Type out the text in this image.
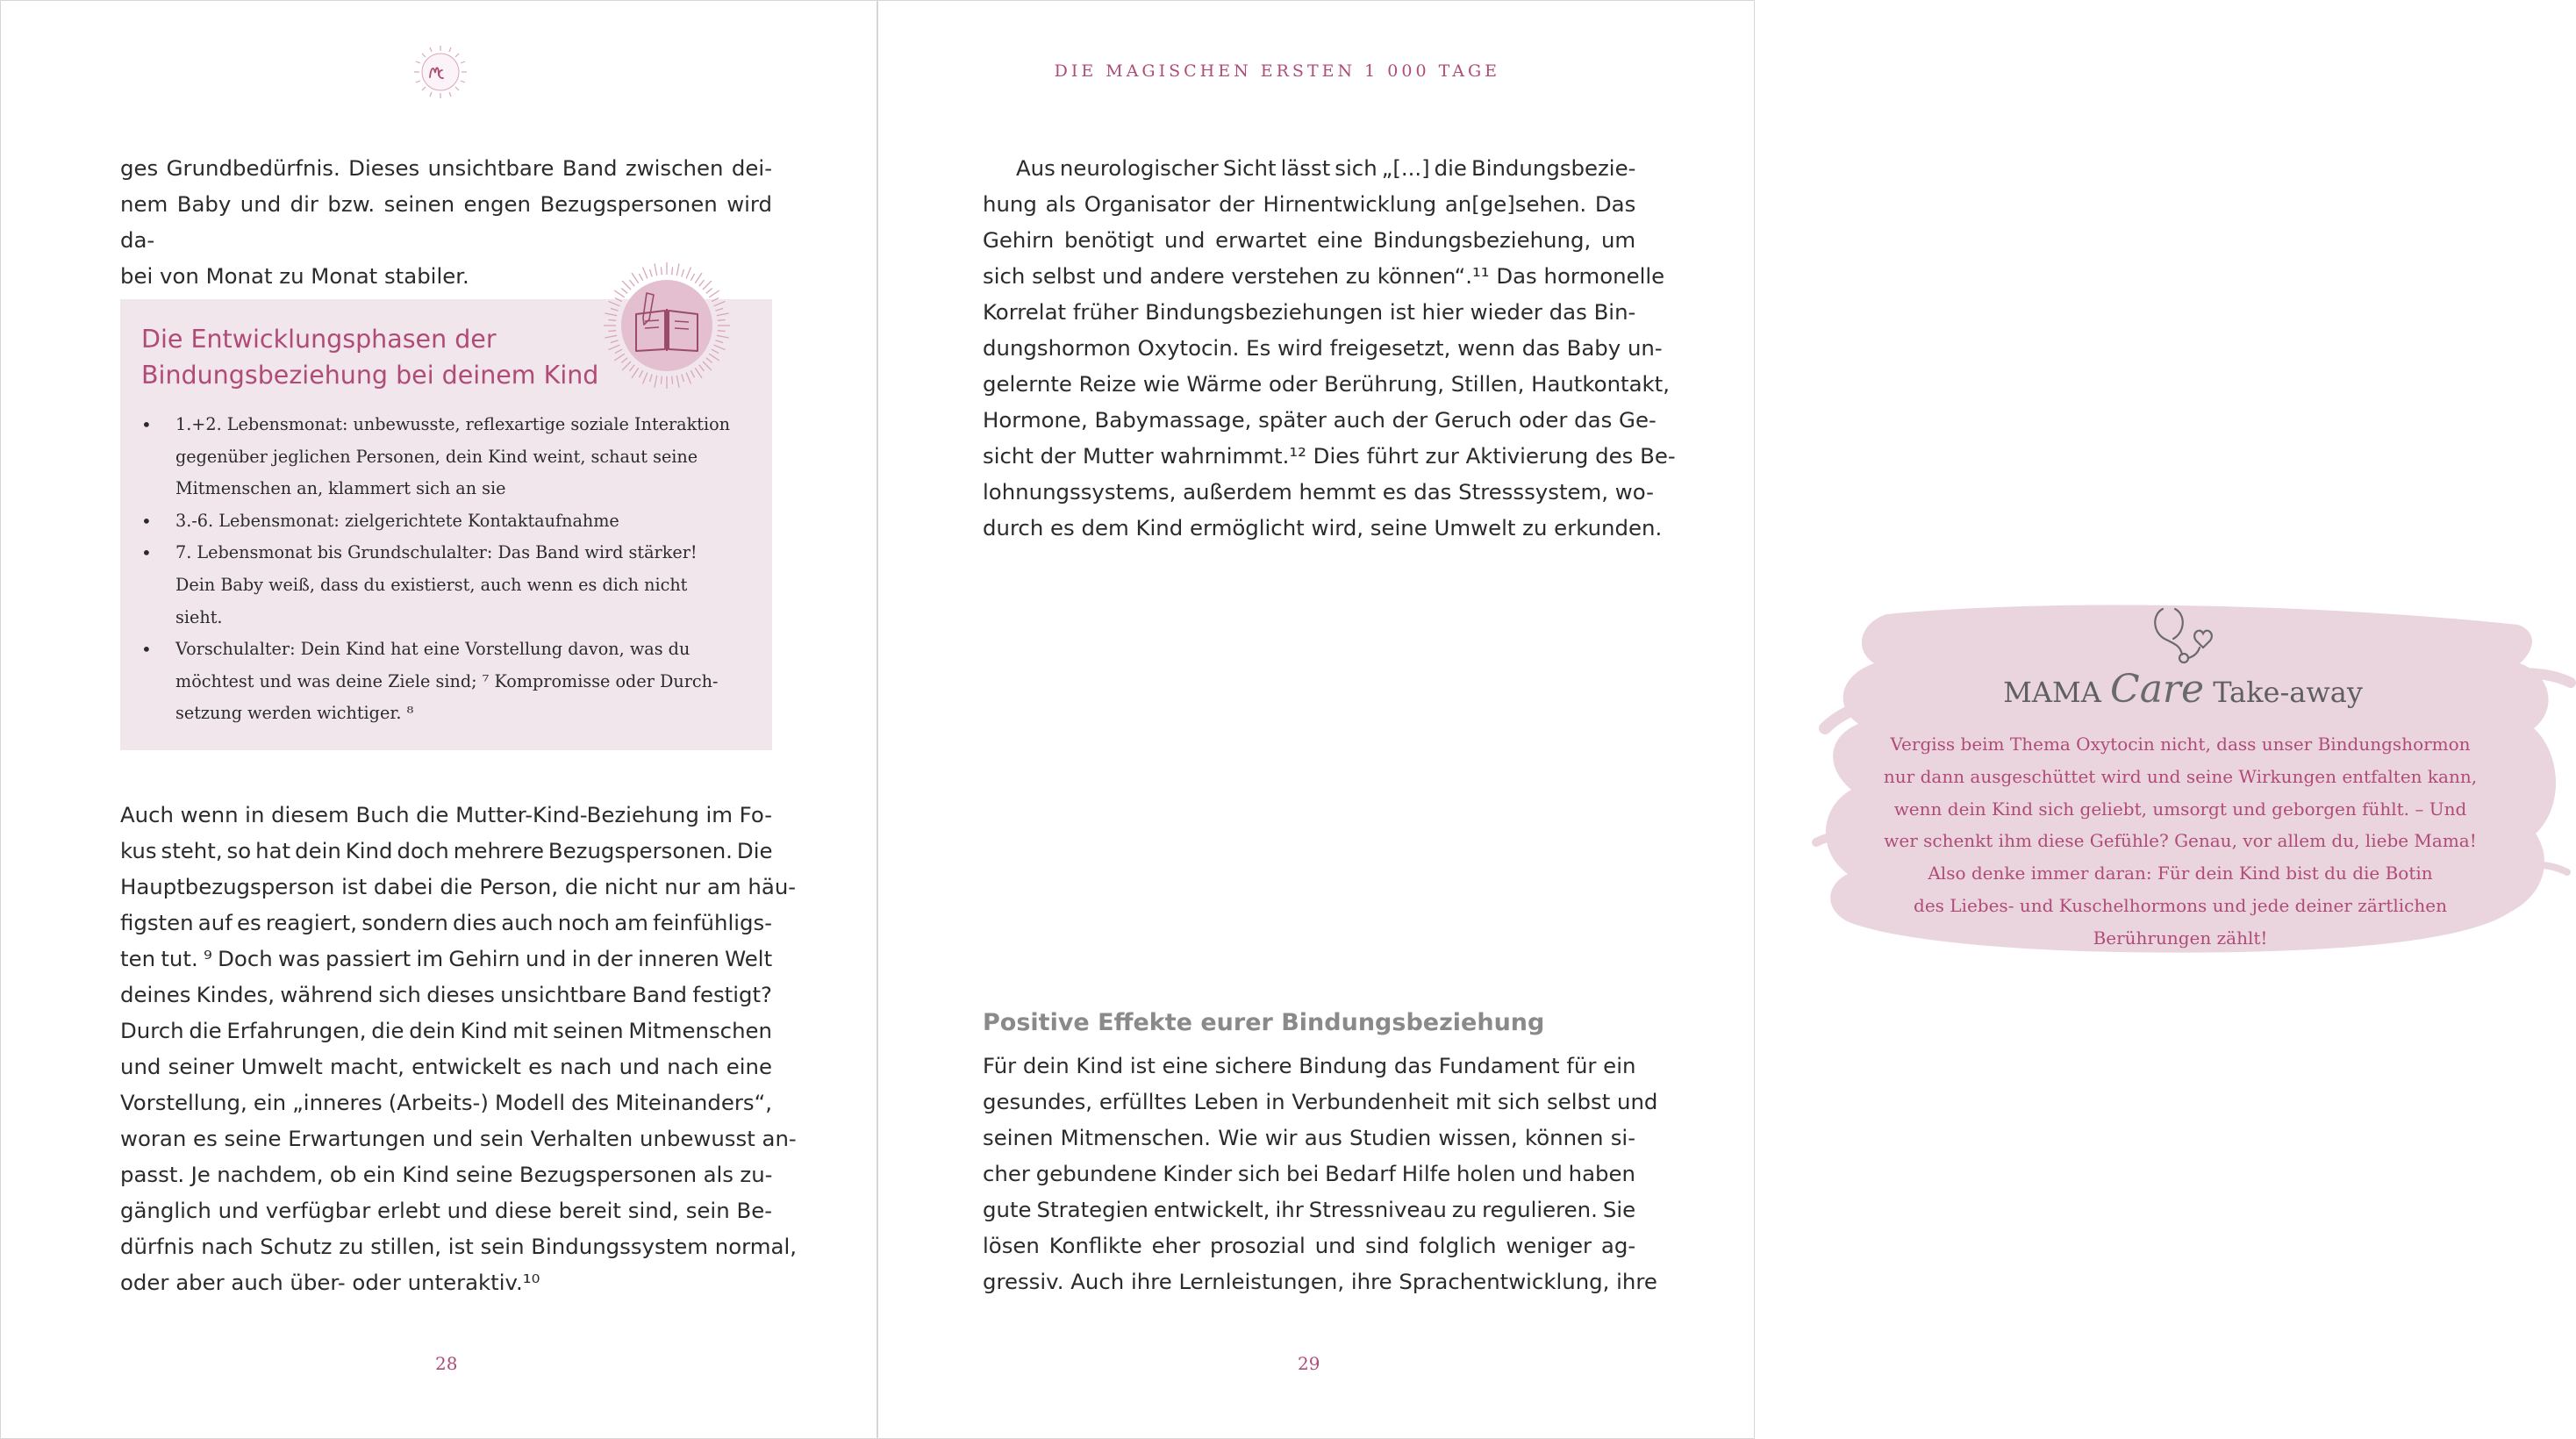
ges Grundbedürfnis. Dieses unsichtbare Band zwischen dei-
nem Baby und dir bzw. seinen engen Bezugspersonen wird da-
bei von Monat zu Monat stabiler.
Die Entwicklungsphasen der
Bindungsbeziehung bei deinem Kind
• 1.+2. Lebensmonat: unbewusste, reflexartige soziale Interaktion
gegenüber jeglichen Personen, dein Kind weint, schaut seine
Mitmenschen an, klammert sich an sie
• 3.-6. Lebensmonat: zielgerichtete Kontaktaufnahme
• 7. Lebensmonat bis Grundschulalter: Das Band wird stärker!
Dein Baby weiß, dass du existierst, auch wenn es dich nicht
sieht.
• Vorschulalter: Dein Kind hat eine Vorstellung davon, was du
möchtest und was deine Ziele sind; ⁷ Kompromisse oder Durch-
setzung werden wichtiger. ⁸
Auch wenn in diesem Buch die Mutter-Kind-Beziehung im Fo-
kus steht, so hat dein Kind doch mehrere Bezugspersonen. Die
Hauptbezugsperson ist dabei die Person, die nicht nur am häu-
figsten auf es reagiert, sondern dies auch noch am feinfühligs-
ten tut. ⁹ Doch was passiert im Gehirn und in der inneren Welt
deines Kindes, während sich dieses unsichtbare Band festigt?
Durch die Erfahrungen, die dein Kind mit seinen Mitmenschen
und seiner Umwelt macht, entwickelt es nach und nach eine
Vorstellung, ein „inneres (Arbeits-) Modell des Miteinanders“,
woran es seine Erwartungen und sein Verhalten unbewusst an-
passt. Je nachdem, ob ein Kind seine Bezugspersonen als zu-
gänglich und verfügbar erlebt und diese bereit sind, sein Be-
dürfnis nach Schutz zu stillen, ist sein Bindungssystem normal,
oder aber auch über- oder unteraktiv.¹⁰
28
DIE MAGISCHEN ERSTEN 1 000 TAGE
Aus neurologischer Sicht lässt sich „[...] die Bindungsbezie-
hung als Organisator der Hirnentwicklung an[ge]sehen. Das
Gehirn benötigt und erwartet eine Bindungsbeziehung, um
sich selbst und andere verstehen zu können“.¹¹ Das hormonelle
Korrelat früher Bindungsbeziehungen ist hier wieder das Bin-
dungshormon Oxytocin. Es wird freigesetzt, wenn das Baby un-
gelernte Reize wie Wärme oder Berührung, Stillen, Hautkontakt,
Hormone, Babymassage, später auch der Geruch oder das Ge-
sicht der Mutter wahrnimmt.¹² Dies führt zur Aktivierung des Be-
lohnungssystems, außerdem hemmt es das Stresssystem, wo-
durch es dem Kind ermöglicht wird, seine Umwelt zu erkunden.
MAMA Care Take-away
Vergiss beim Thema Oxytocin nicht, dass unser Bindungshormon
nur dann ausgeschüttet wird und seine Wirkungen entfalten kann,
wenn dein Kind sich geliebt, umsorgt und geborgen fühlt. – Und
wer schenkt ihm diese Gefühle? Genau, vor allem du, liebe Mama!
Also denke immer daran: Für dein Kind bist du die Botin
des Liebes- und Kuschelhormons und jede deiner zärtlichen
Berührungen zählt!
Positive Effekte eurer Bindungsbeziehung
Für dein Kind ist eine sichere Bindung das Fundament für ein
gesundes, erfülltes Leben in Verbundenheit mit sich selbst und
seinen Mitmenschen. Wie wir aus Studien wissen, können si-
cher gebundene Kinder sich bei Bedarf Hilfe holen und haben
gute Strategien entwickelt, ihr Stressniveau zu regulieren. Sie
lösen Konflikte eher prosozial und sind folglich weniger ag-
gressiv. Auch ihre Lernleistungen, ihre Sprachentwicklung, ihre
29
